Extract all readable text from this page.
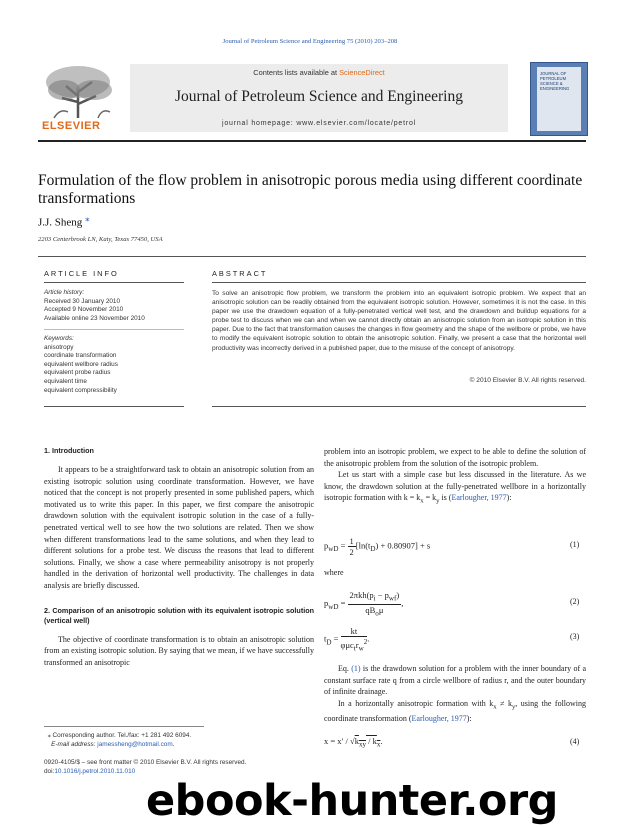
Journal of Petroleum Science and Engineering 75 (2010) 203–208
ELSEVIER
Contents lists available at ScienceDirect
Journal of Petroleum Science and Engineering
journal homepage: www.elsevier.com/locate/petrol
JOURNAL OF
PETROLEUM
SCIENCE &
ENGINEERING
Formulation of the flow problem in anisotropic porous media using different coordinate transformations
J.J. Sheng ⁎
2203 Centerbrook LN, Katy, Texas 77450, USA
ARTICLE INFO
Article history:
Received 30 January 2010
Accepted 9 November 2010
Available online 23 November 2010
Keywords:
anisotropy
coordinate transformation
equivalent wellbore radius
equivalent probe radius
equivalent time
equivalent compressibility
ABSTRACT
To solve an anisotropic flow problem, we transform the problem into an equivalent isotropic problem. We expect that an anisotropic solution can be readily obtained from the equivalent isotropic solution. However, sometimes it is not the case. In this paper we use the drawdown equation of a fully-penetrated vertical well test, and the drawdown and buildup equations for a probe test to discuss when we can and when we cannot directly obtain an anisotropic solution from an isotropic solution in this paper. Due to the fact that transformation causes the changes in flow geometry and the shape of the wellbore or probe, we have to modify the equivalent isotropic solution to obtain the anisotropic solution. Finally, we present a case that the horizontal well productivity was incorrectly derived in a published paper, due to the misuse of the concept of anisotropy.
© 2010 Elsevier B.V. All rights reserved.
1. Introduction

It appears to be a straightforward task to obtain an anisotropic solution from an existing isotropic solution using coordinate transformation. However, we have noticed that the concept is not properly presented in some published papers, which motivated us to write this paper. In this paper, we first compare the anisotropic drawdown solution with the equivalent isotropic solution in the case of a fully-penetrated vertical well to see how the two solutions are related. Then we show when different transformations lead to the same solutions, and when they lead to different solutions for a probe test. We discuss the reasons that lead to different solutions. Finally, we show a case where permeability anisotropy is not properly handled in the derivation of horizontal well productivity. The challenges in data analysis are briefly discussed.

2. Comparison of an anisotropic solution with its equivalent isotropic solution (vertical well)

The objective of coordinate transformation is to obtain an anisotropic solution from an existing isotropic solution. By saying that we mean, if we have successfully transformed an anisotropic

problem into an isotropic problem, we expect to be able to define the solution of the anisotropic problem from the solution of the isotropic problem.

Let us start with a simple case but less discussed in the literature. As we know, the drawdown solution at the fully-penetrated wellbore in a horizontally isotropic formation with $k = k_x = k_y$ is (Earlougher, 1977):

$p_{wD} = \frac{1}{2} [\ln(t_D) + 0.80907] + s$	(1)
where
$p_{wD} = \frac{2\pi kh(p_i - p_{wf})}{qB_o\mu}$ ,	(2)
$t_D = \frac{kt}{\varphi\mu c_tr_w^2}$ .	(3)

Eq. (1) is the drawdown solution for a problem with the inner boundary of a constant surface rate q from a circle wellbore of radius r, and the outer boundary of infinite drainage.

In a horizontally anisotropic formation with $k_x \ne k_y$, using the following coordinate transformation (Earlougher, 1977):

$x = x' / √k_{xy} / k_x$.	(4)
⁎ Corresponding author. Tel./fax: +1 281 492 6094.
E-mail address: jamessheng@hotmail.com.
0920-4105/$ – see front matter © 2010 Elsevier B.V. All rights reserved.
doi:10.1016/j.petrol.2010.11.010
ebook-hunter.org
